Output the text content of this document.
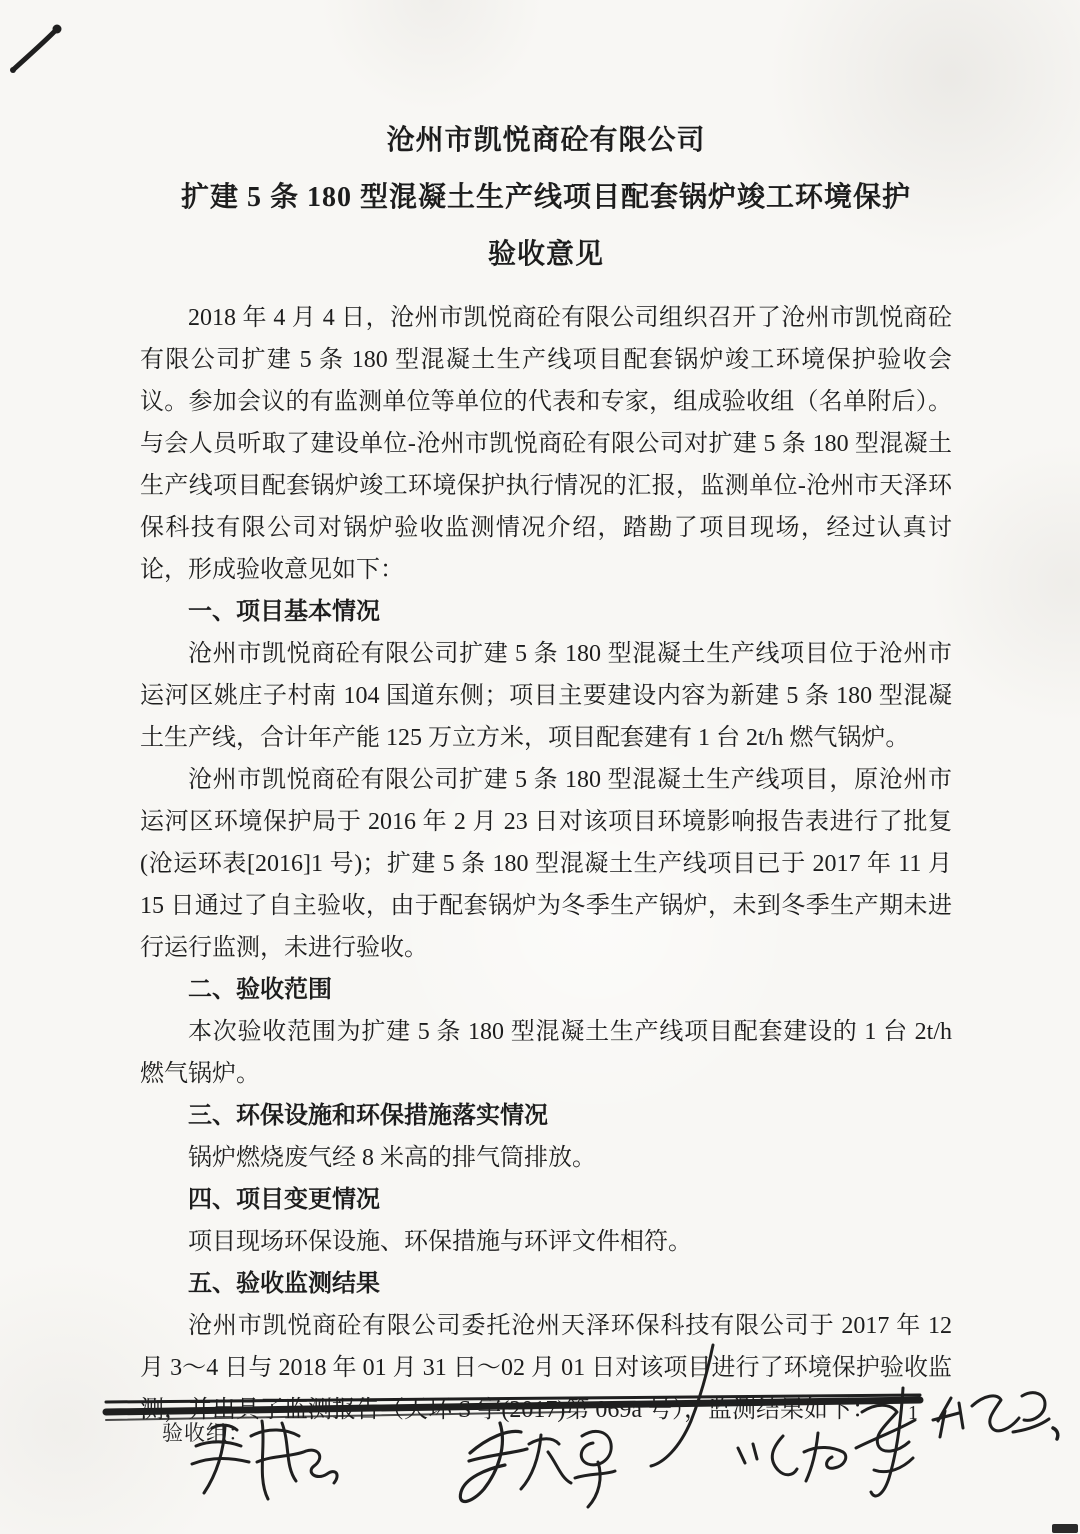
沧州市凯悦商砼有限公司
扩建 5 条 180 型混凝土生产线项目配套锅炉竣工环境保护
验收意见

2018 年 4 月 4 日，沧州市凯悦商砼有限公司组织召开了沧州市凯悦商砼有限公司扩建 5 条 180 型混凝土生产线项目配套锅炉竣工环境保护验收会议。参加会议的有监测单位等单位的代表和专家，组成验收组（名单附后）。与会人员听取了建设单位-沧州市凯悦商砼有限公司对扩建 5 条 180 型混凝土生产线项目配套锅炉竣工环境保护执行情况的汇报，监测单位-沧州市天泽环保科技有限公司对锅炉验收监测情况介绍，踏勘了项目现场，经过认真讨论，形成验收意见如下：

一、项目基本情况

沧州市凯悦商砼有限公司扩建 5 条 180 型混凝土生产线项目位于沧州市运河区姚庄子村南 104 国道东侧；项目主要建设内容为新建 5 条 180 型混凝土生产线，合计年产能 125 万立方米，项目配套建有 1 台 2t/h 燃气锅炉。

沧州市凯悦商砼有限公司扩建 5 条 180 型混凝土生产线项目，原沧州市运河区环境保护局于 2016 年 2 月 23 日对该项目环境影响报告表进行了批复(沧运环表[2016]1 号)；扩建 5 条 180 型混凝土生产线项目已于 2017 年 11 月 15 日通过了自主验收，由于配套锅炉为冬季生产锅炉，未到冬季生产期未进行运行监测，未进行验收。

二、验收范围

本次验收范围为扩建 5 条 180 型混凝土生产线项目配套建设的 1 台 2t/h 燃气锅炉。

三、环保设施和环保措施落实情况

锅炉燃烧废气经 8 米高的排气筒排放。

四、项目变更情况

项目现场环保设施、环保措施与环评文件相符。

五、验收监测结果

沧州市凯悦商砼有限公司委托沧州天泽环保科技有限公司于 2017 年 12 月 3～4 日与 2018 年 01 月 31 日～02 月 01 日对该项目进行了环境保护验收监测，并出具了监测报告（天环 S 字(2017)第 069a 号），监测结果如下：

验收组：
1
